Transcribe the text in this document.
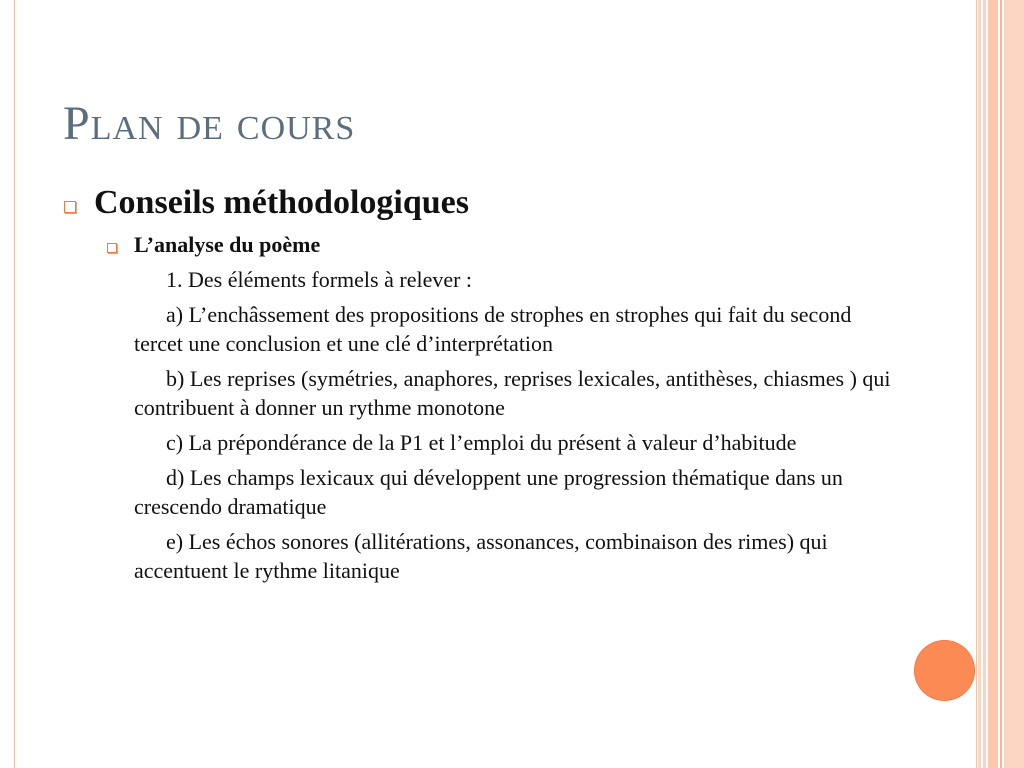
Plan de cours
Conseils méthodologiques
L’analyse du poème

1. Des éléments formels à relever :

a) L’enchâssement des propositions de strophes en strophes qui fait du second tercet une conclusion et une clé d’interprétation

b) Les reprises (symétries, anaphores, reprises lexicales, antithèses, chiasmes ) qui contribuent à donner un rythme monotone

c) La prépondérance de la P1 et l’emploi du présent à valeur d’habitude

d) Les champs lexicaux qui développent une progression thématique dans un crescendo dramatique

e) Les échos sonores (allitérations, assonances, combinaison des rimes) qui accentuent le rythme litanique
